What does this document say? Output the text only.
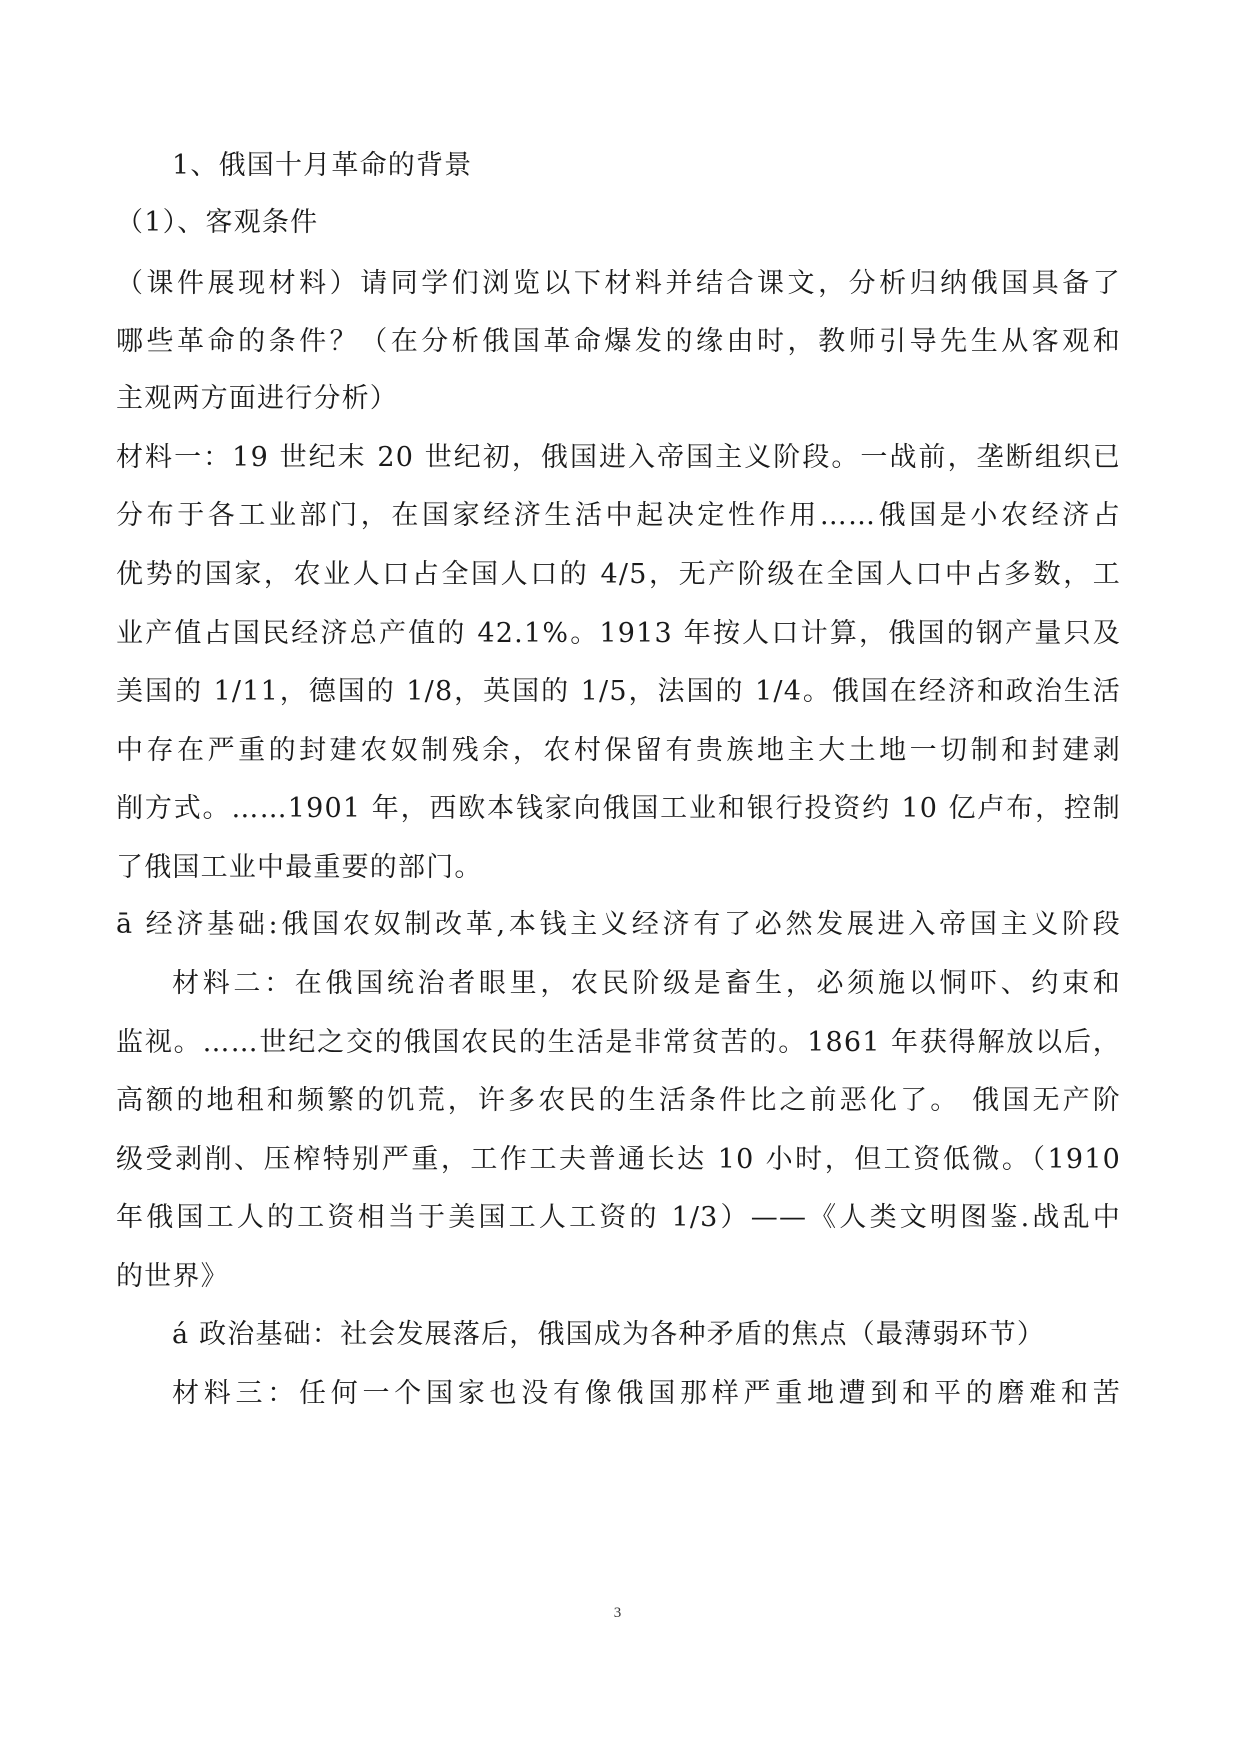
1、俄国十月革命的背景
（1）、客观条件
（课件展现材料）请同学们浏览以下材料并结合课文，分析归纳俄国具备了
哪些革命的条件？（在分析俄国革命爆发的缘由时，教师引导先生从客观和
主观两方面进行分析）
材料一：19 世纪末 20 世纪初，俄国进入帝国主义阶段。一战前，垄断组织已
分布于各工业部门，在国家经济生活中起决定性作用……俄国是小农经济占
优势的国家，农业人口占全国人口的 4/5，无产阶级在全国人口中占多数，工
业产值占国民经济总产值的 42.1%。1913 年按人口计算，俄国的钢产量只及
美国的 1/11，德国的 1/8，英国的 1/5，法国的 1/4。俄国在经济和政治生活
中存在严重的封建农奴制残余，农村保留有贵族地主大土地一切制和封建剥
削方式。……1901 年，西欧本钱家向俄国工业和银行投资约 10 亿卢布，控制
了俄国工业中最重要的部门。
ā 经济基础:俄国农奴制改革,本钱主义经济有了必然发展进入帝国主义阶段
材料二：在俄国统治者眼里，农民阶级是畜生，必须施以恫吓、约束和
监视。……世纪之交的俄国农民的生活是非常贫苦的。1861 年获得解放以后，
高额的地租和频繁的饥荒，许多农民的生活条件比之前恶化了。 俄国无产阶
级受剥削、压榨特别严重，工作工夫普通长达 10 小时，但工资低微。（1910
年俄国工人的工资相当于美国工人工资的 1/3）——《人类文明图鉴.战乱中
的世界》
á 政治基础：社会发展落后，俄国成为各种矛盾的焦点（最薄弱环节）
材料三：任何一个国家也没有像俄国那样严重地遭到和平的磨难和苦
3
